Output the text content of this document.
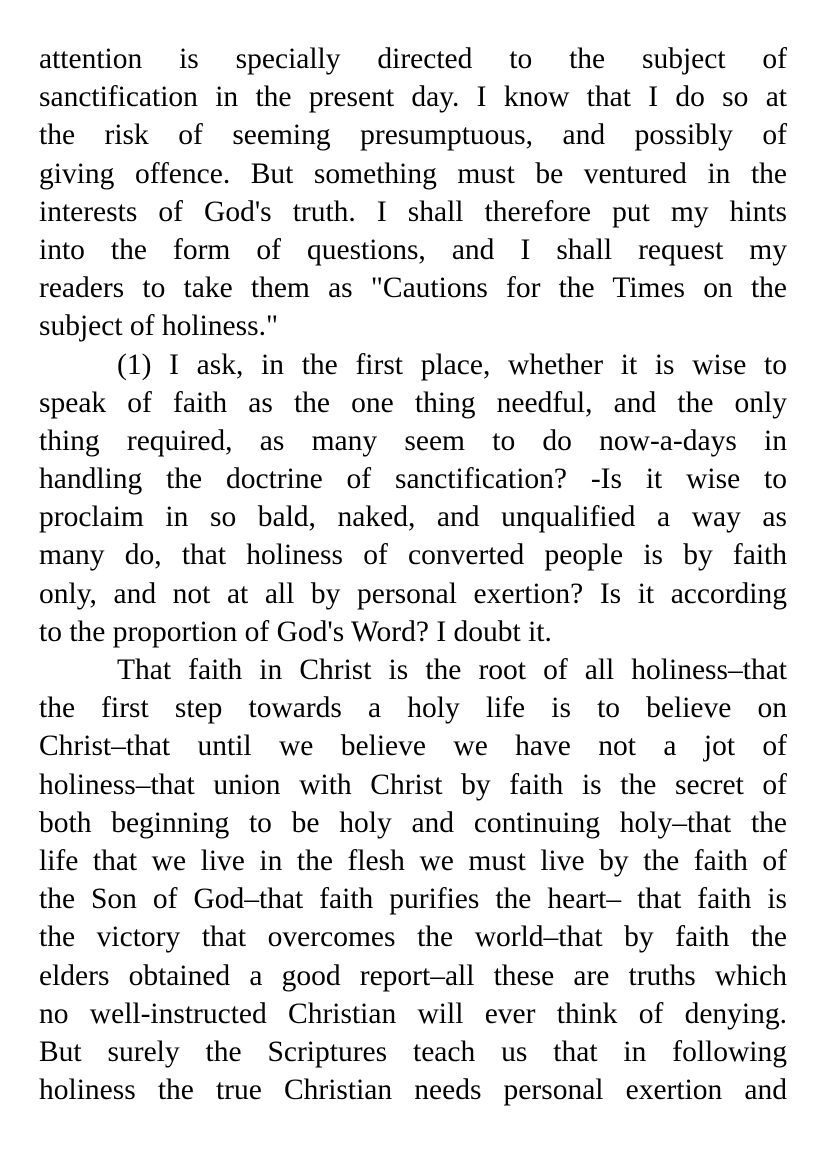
attention is specially directed to the subject of
sanctification in the present day. I know that I do so at
the risk of seeming presumptuous, and possibly of
giving offence. But something must be ventured in the
interests of God's truth. I shall therefore put my hints
into the form of questions, and I shall request my
readers to take them as "Cautions for the Times on the
subject of holiness."
(1) I ask, in the first place, whether it is wise to
speak of faith as the one thing needful, and the only
thing required, as many seem to do now-a-days in
handling the doctrine of sanctification? -Is it wise to
proclaim in so bald, naked, and unqualified a way as
many do, that holiness of converted people is by faith
only, and not at all by personal exertion? Is it according
to the proportion of God's Word? I doubt it.
That faith in Christ is the root of all holiness–that
the first step towards a holy life is to believe on
Christ–that until we believe we have not a jot of
holiness–that union with Christ by faith is the secret of
both beginning to be holy and continuing holy–that the
life that we live in the flesh we must live by the faith of
the Son of God–that faith purifies the heart– that faith is
the victory that overcomes the world–that by faith the
elders obtained a good report–all these are truths which
no well-instructed Christian will ever think of denying.
But surely the Scriptures teach us that in following
holiness the true Christian needs personal exertion and
